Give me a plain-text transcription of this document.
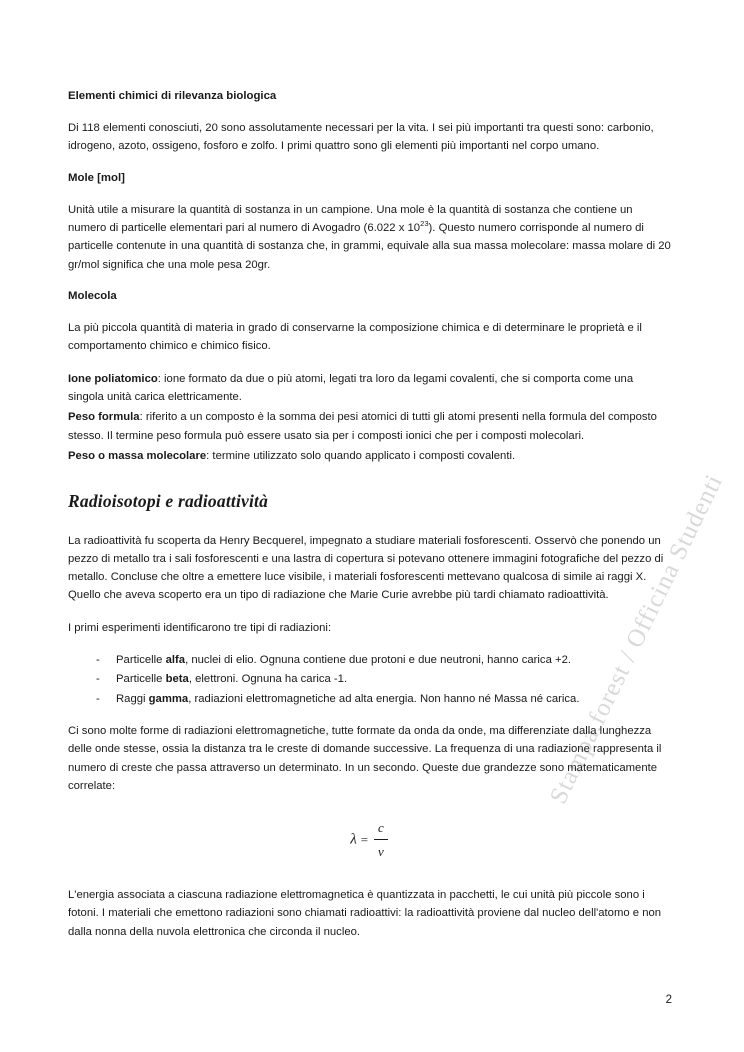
Stampa.forest / Officina Studenti
Elementi chimici di rilevanza biologica

Di 118 elementi conosciuti, 20 sono assolutamente necessari per la vita. I sei più importanti tra questi sono: carbonio, idrogeno, azoto, ossigeno, fosforo e zolfo. I primi quattro sono gli elementi più importanti nel corpo umano.

Mole [mol]

Unità utile a misurare la quantità di sostanza in un campione. Una mole è la quantità di sostanza che contiene un numero di particelle elementari pari al numero di Avogadro (6.022 x $10^{23}$). Questo numero corrisponde al numero di particelle contenute in una quantità di sostanza che, in grammi, equivale alla sua massa molecolare: massa molare di 20 gr/mol significa che una mole pesa 20gr.

Molecola

La più piccola quantità di materia in grado di conservarne la composizione chimica e di determinare le proprietà e il comportamento chimico e chimico fisico.

Ione poliatomico: ione formato da due o più atomi, legati tra loro da legami covalenti, che si comporta come una singola unità carica elettricamente.

Peso formula: riferito a un composto è la somma dei pesi atomici di tutti gli atomi presenti nella formula del composto stesso. Il termine peso formula può essere usato sia per i composti ionici che per i composti molecolari.

Peso o massa molecolare: termine utilizzato solo quando applicato i composti covalenti.

Radioisotopi e radioattività

La radioattività fu scoperta da Henry Becquerel, impegnato a studiare materiali fosforescenti. Osservò che ponendo un pezzo di metallo tra i sali fosforescenti e una lastra di copertura si potevano ottenere immagini fotografiche del pezzo di metallo. Concluse che oltre a emettere luce visibile, i materiali fosforescenti mettevano qualcosa di simile ai raggi X. Quello che aveva scoperto era un tipo di radiazione che Marie Curie avrebbe più tardi chiamato radioattività.

I primi esperimenti identificarono tre tipi di radiazioni:

- Particelle alfa, nuclei di elio. Ognuna contiene due protoni e due neutroni, hanno carica +2.
- Particelle beta, elettroni. Ognuna ha carica -1.
- Raggi gamma, radiazioni elettromagnetiche ad alta energia. Non hanno né Massa né carica.

Ci sono molte forme di radiazioni elettromagnetiche, tutte formate da onda da onde, ma differenziate dalla lunghezza delle onde stesse, ossia la distanza tra le creste di domande successive. La frequenza di una radiazione rappresenta il numero di creste che passa attraverso un determinato. In un secondo. Queste due grandezze sono matematicamente correlate:

$\lambda = \frac{c}{\nu}$

L'energia associata a ciascuna radiazione elettromagnetica è quantizzata in pacchetti, le cui unità più piccole sono i fotoni. I materiali che emettono radiazioni sono chiamati radioattivi: la radioattività proviene dal nucleo dell'atomo e non dalla nonna della nuvola elettronica che circonda il nucleo.

2
